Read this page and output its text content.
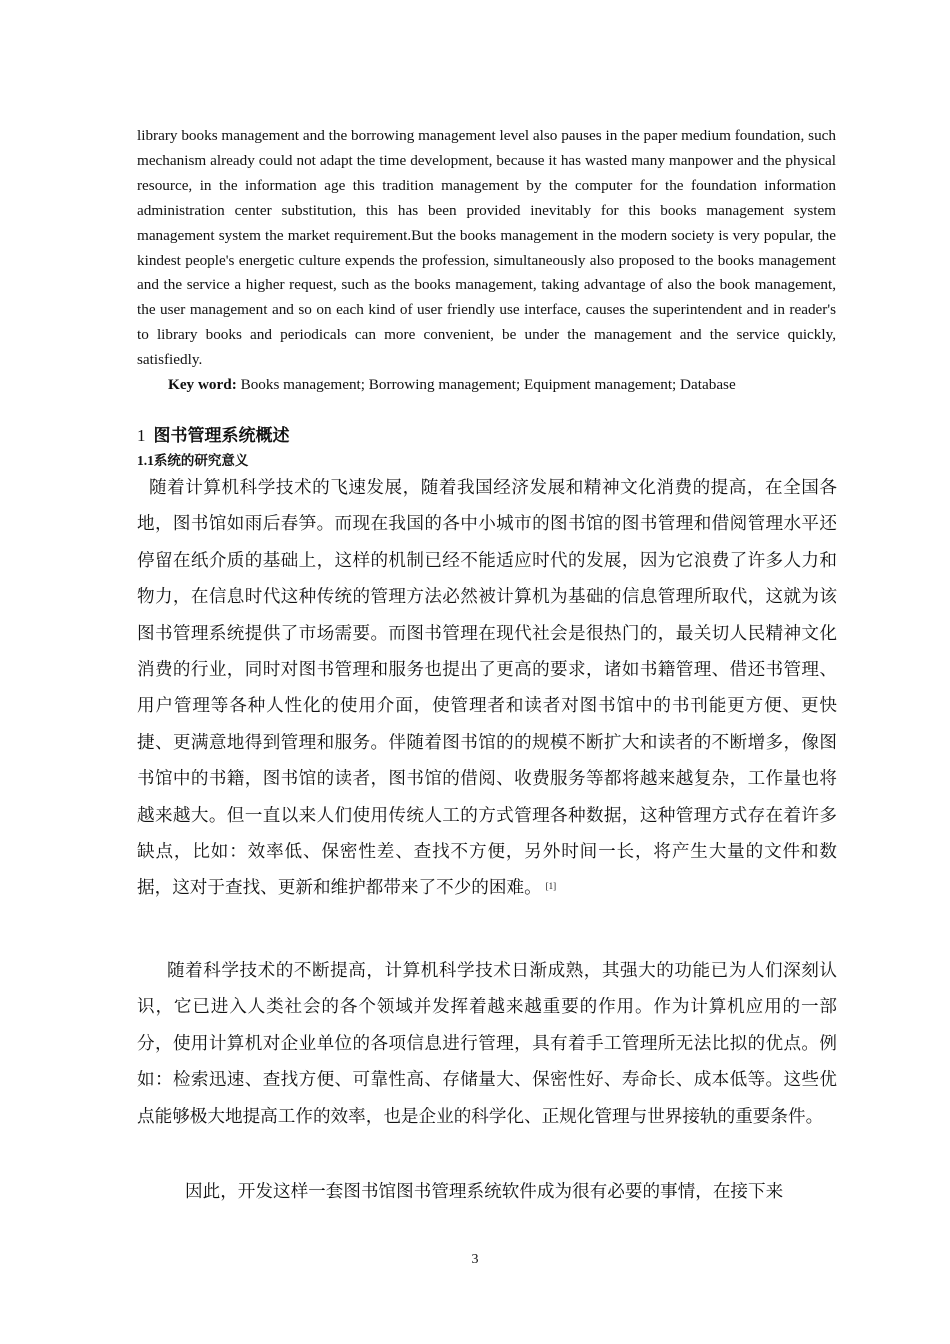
library books management and the borrowing management level also pauses in the paper medium foundation, such mechanism already could not adapt the time development, because it has wasted many manpower and the physical resource, in the information age this tradition management by the computer for the foundation information administration center substitution, this has been provided inevitably for this books management system management system the market requirement.But the books management in the modern society is very popular, the kindest people's energetic culture expends the profession, simultaneously also proposed to the books management and the service a higher request, such as the books management, taking advantage of also the book management, the user management and so on each kind of user friendly use interface, causes the superintendent and in reader's to library books and periodicals can more convenient, be under the management and the service quickly, satisfiedly.

Key word: Books management; Borrowing management; Equipment management; Database

1 图书管理系统概述
1.1系统的研究意义

随着计算机科学技术的飞速发展，随着我国经济发展和精神文化消费的提高，在全国各地，图书馆如雨后春笋。而现在我国的各中小城市的图书馆的图书管理和借阅管理水平还停留在纸介质的基础上，这样的机制已经不能适应时代的发展，因为它浪费了许多人力和物力，在信息时代这种传统的管理方法必然被计算机为基础的信息管理所取代，这就为该图书管理系统提供了市场需要。而图书管理在现代社会是很热门的，最关切人民精神文化消费的行业，同时对图书管理和服务也提出了更高的要求，诸如书籍管理、借还书管理、用户管理等各种人性化的使用介面，使管理者和读者对图书馆中的书刊能更方便、更快捷、更满意地得到管理和服务。伴随着图书馆的的规模不断扩大和读者的不断增多，像图书馆中的书籍，图书馆的读者，图书馆的借阅、收费服务等都将越来越复杂，工作量也将越来越大。但一直以来人们使用传统人工的方式管理各种数据，这种管理方式存在着许多缺点，比如：效率低、保密性差、查找不方便，另外时间一长，将产生大量的文件和数据，这对于查找、更新和维护都带来了不少的困难。 [1]

随着科学技术的不断提高，计算机科学技术日渐成熟，其强大的功能已为人们深刻认识，它已进入人类社会的各个领域并发挥着越来越重要的作用。作为计算机应用的一部分，使用计算机对企业单位的各项信息进行管理，具有着手工管理所无法比拟的优点。例如：检索迅速、查找方便、可靠性高、存储量大、保密性好、寿命长、成本低等。这些优点能够极大地提高工作的效率，也是企业的科学化、正规化管理与世界接轨的重要条件。

因此，开发这样一套图书馆图书管理系统软件成为很有必要的事情，在接下来

3
